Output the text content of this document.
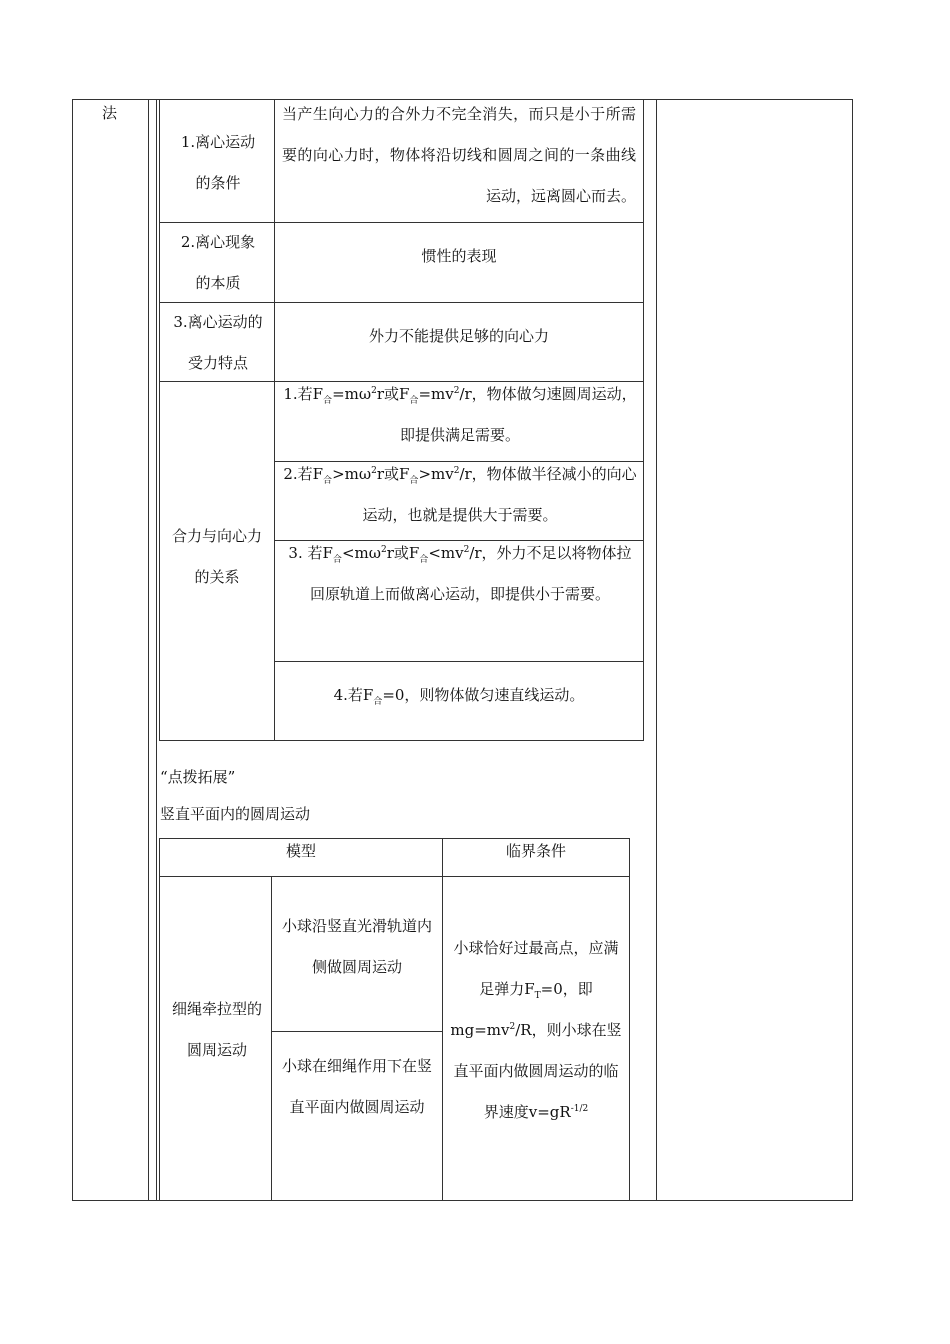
法
1.离心运动的条件
当产生向心力的合外力不完全消失，而只是小于所需要的向心力时，物体将沿切线和圆周之间的一条曲线运动，远离圆心而去。
2.离心现象的本质
惯性的表现
3.离心运动的受力特点
外力不能提供足够的向心力
合力与向心力的关系
1.若$F_合=m\omega^2r$或$F_合=mv^2/r$，物体做匀速圆周运动，即提供满足需要。
2.若$F_合>m\omega^2r$或$F_合>mv^2/r$，物体做半径减小的向心运动，也就是提供大于需要。
3. 若$F_合<m\omega^2r$或$F_合<mv^2/r$，外力不足以将物体拉回原轨道上而做离心运动，即提供小于需要。
4.若$F_合=0$，则物体做匀速直线运动。
“点拨拓展”
竖直平面内的圆周运动
模型	临界条件
细绳牵拉型的圆周运动
小球沿竖直光滑轨道内侧做圆周运动
小球在细绳作用下在竖直平面内做圆周运动
小球恰好过最高点，应满足弹力$F_T=0$，即$mg=mv^2/R$，则小球在竖直平面内做圆周运动的临界速度$v=gR^{-1/2}$
